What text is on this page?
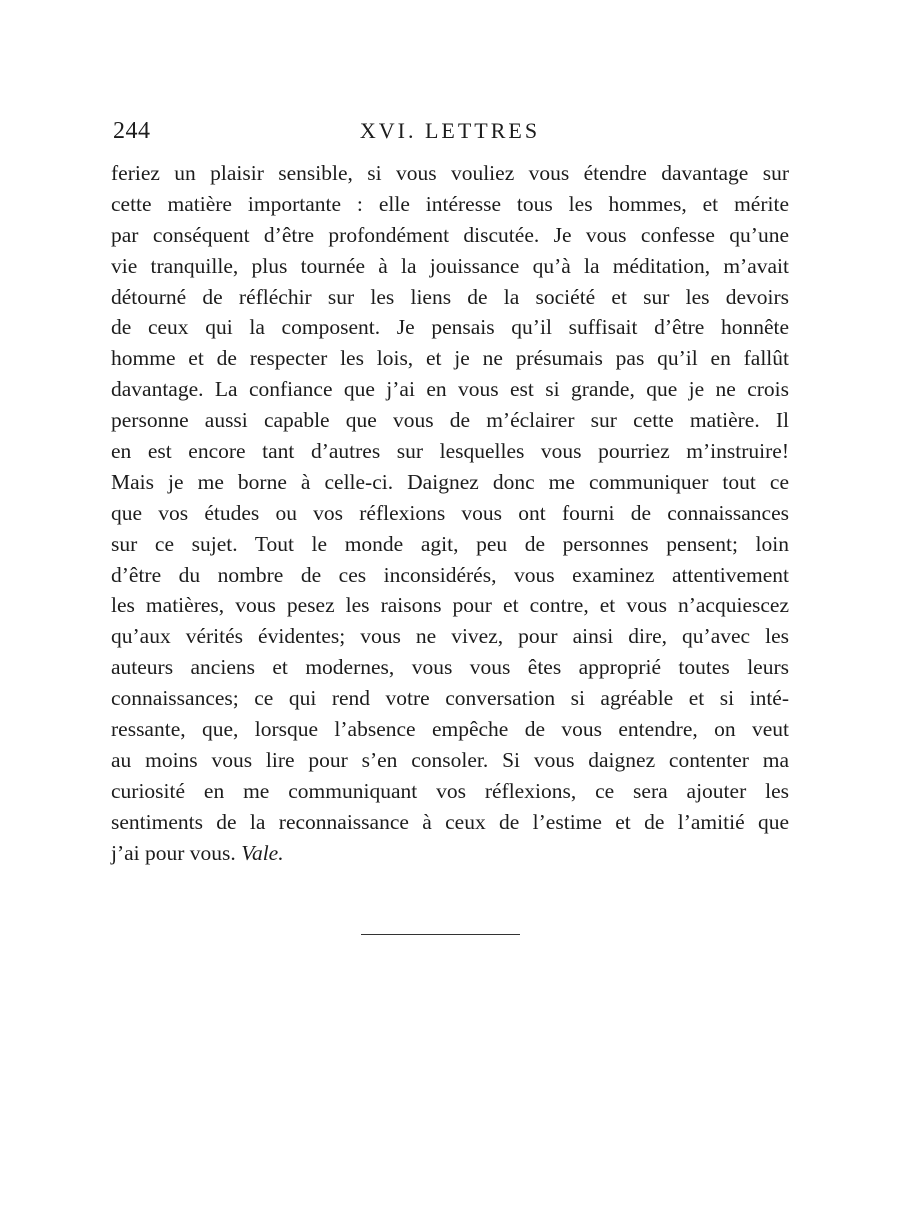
244	XVI. LETTRES
feriez un plaisir sensible, si vous vouliez vous étendre davantage sur
cette matière importante : elle intéresse tous les hommes, et mérite
par conséquent d’être profondément discutée. Je vous confesse qu’une
vie tranquille, plus tournée à la jouissance qu’à la méditation, m’avait
détourné de réfléchir sur les liens de la société et sur les devoirs
de ceux qui la composent. Je pensais qu’il suffisait d’être honnête
homme et de respecter les lois, et je ne présumais pas qu’il en fallût
davantage. La confiance que j’ai en vous est si grande, que je ne crois
personne aussi capable que vous de m’éclairer sur cette matière. Il
en est encore tant d’autres sur lesquelles vous pourriez m’instruire!
Mais je me borne à celle-ci. Daignez donc me communiquer tout ce
que vos études ou vos réflexions vous ont fourni de connaissances
sur ce sujet. Tout le monde agit, peu de personnes pensent; loin
d’être du nombre de ces inconsidérés, vous examinez attentivement
les matières, vous pesez les raisons pour et contre, et vous n’acquiescez
qu’aux vérités évidentes; vous ne vivez, pour ainsi dire, qu’avec les
auteurs anciens et modernes, vous vous êtes approprié toutes leurs
connaissances; ce qui rend votre conversation si agréable et si inté-
ressante, que, lorsque l’absence empêche de vous entendre, on veut
au moins vous lire pour s’en consoler. Si vous daignez contenter ma
curiosité en me communiquant vos réflexions, ce sera ajouter les
sentiments de la reconnaissance à ceux de l’estime et de l’amitié que
j’ai pour vous. Vale.
